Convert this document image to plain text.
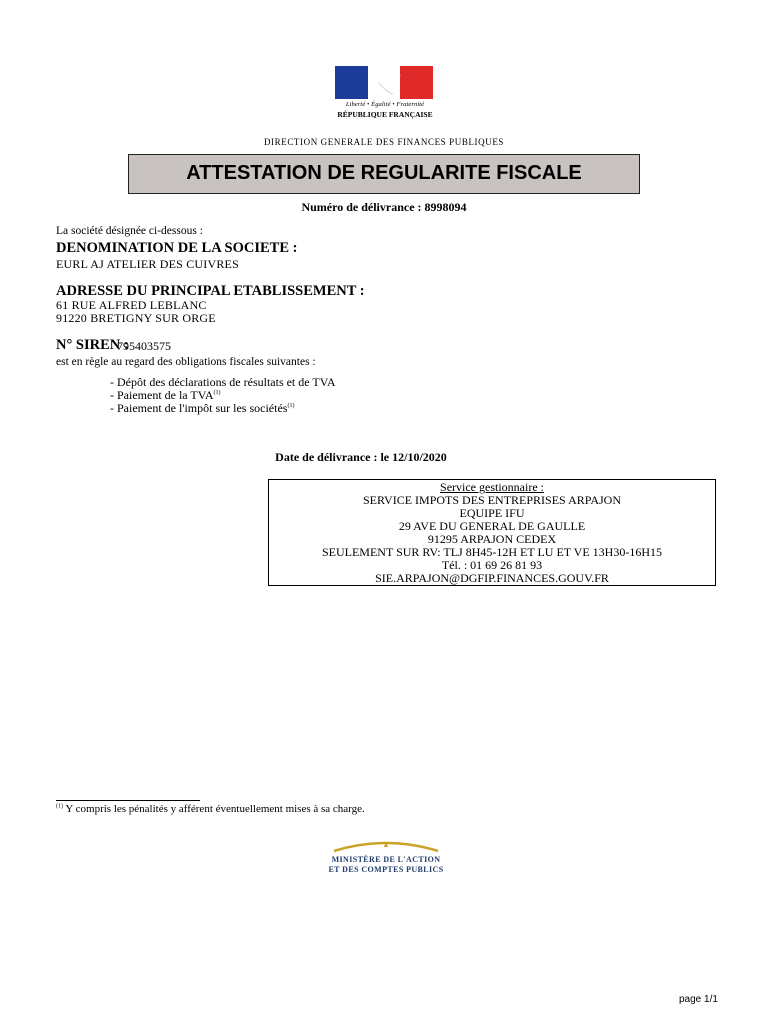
Liberté • Égalité • Fraternité
RÉPUBLIQUE FRANÇAISE
DIRECTION GENERALE DES FINANCES PUBLIQUES
ATTESTATION DE REGULARITE FISCALE
Numéro de délivrance : 8998094
La société désignée ci-dessous :
DENOMINATION DE LA SOCIETE :
EURL AJ ATELIER DES CUIVRES
ADRESSE DU PRINCIPAL ETABLISSEMENT :
61 RUE ALFRED LEBLANC
91220 BRETIGNY SUR ORGE
N° SIREN :
795403575
est en règle au regard des obligations fiscales suivantes :
- Dépôt des déclarations de résultats et de TVA
- Paiement de la TVA$^{(1)}$
- Paiement de l'impôt sur les sociétés$^{(1)}$
Date de délivrance : le 12/10/2020
Service gestionnaire :
SERVICE IMPOTS DES ENTREPRISES ARPAJON
EQUIPE IFU
29 AVE DU GENERAL DE GAULLE
91295 ARPAJON CEDEX
SEULEMENT SUR RV: TLJ 8H45-12H ET LU ET VE 13H30-16H15
Tél. : 01 69 26 81 93
SIE.ARPAJON@DGFIP.FINANCES.GOUV.FR
$^{(1)}$ Y compris les pénalités y afférent éventuellement mises à sa charge.
MINISTÈRE DE L'ACTION
ET DES COMPTES PUBLICS
page 1/1
